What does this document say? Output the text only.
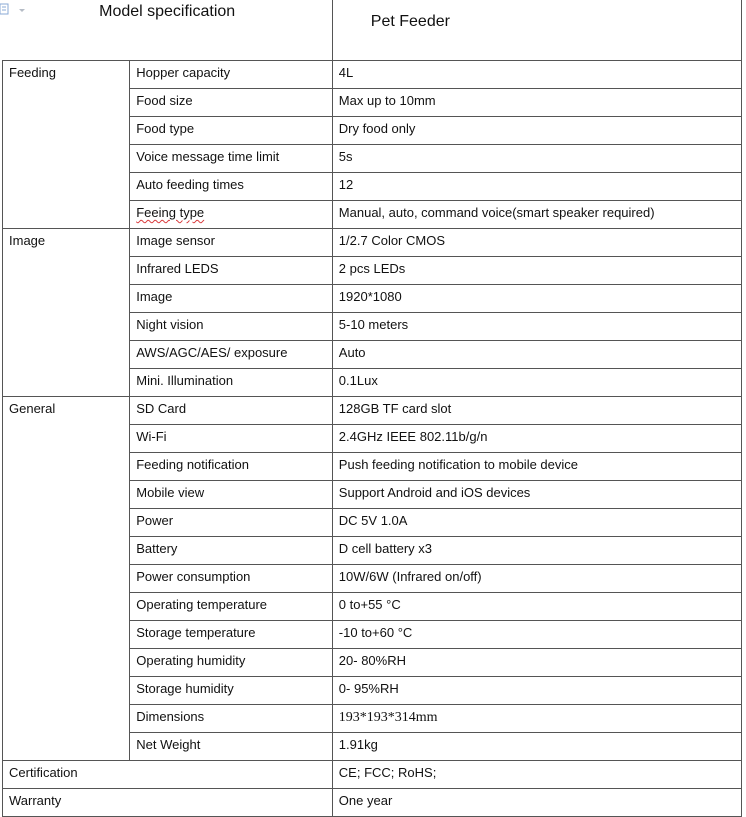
Model specification		Pet Feeder
Feeding	Hopper capacity	4L
	Food size	Max up to 10mm
	Food type	Dry food only
	Voice message time limit	5s
	Auto feeding times	12
	Feeing type	Manual, auto, command voice(smart speaker required)
Image	Image sensor	1/2.7 Color CMOS
	Infrared LEDS	2 pcs LEDs
	Image	1920*1080
	Night vision	5-10 meters
	AWS/AGC/AES/ exposure	Auto
	Mini. Illumination	0.1Lux
General	SD Card	128GB TF card slot
	Wi-Fi	2.4GHz IEEE 802.11b/g/n
	Feeding notification	Push feeding notification to mobile device
	Mobile view	Support Android and iOS devices
	Power	DC 5V 1.0A
	Battery	D cell battery x3
	Power consumption	10W/6W (Infrared on/off)
	Operating temperature	0 to+55 °C
	Storage temperature	-10 to+60 °C
	Operating humidity	20- 80%RH
	Storage humidity	0- 95%RH
	Dimensions	193*193*314mm
	Net Weight	1.91kg
Certification		CE; FCC; RoHS;
Warranty		One year
